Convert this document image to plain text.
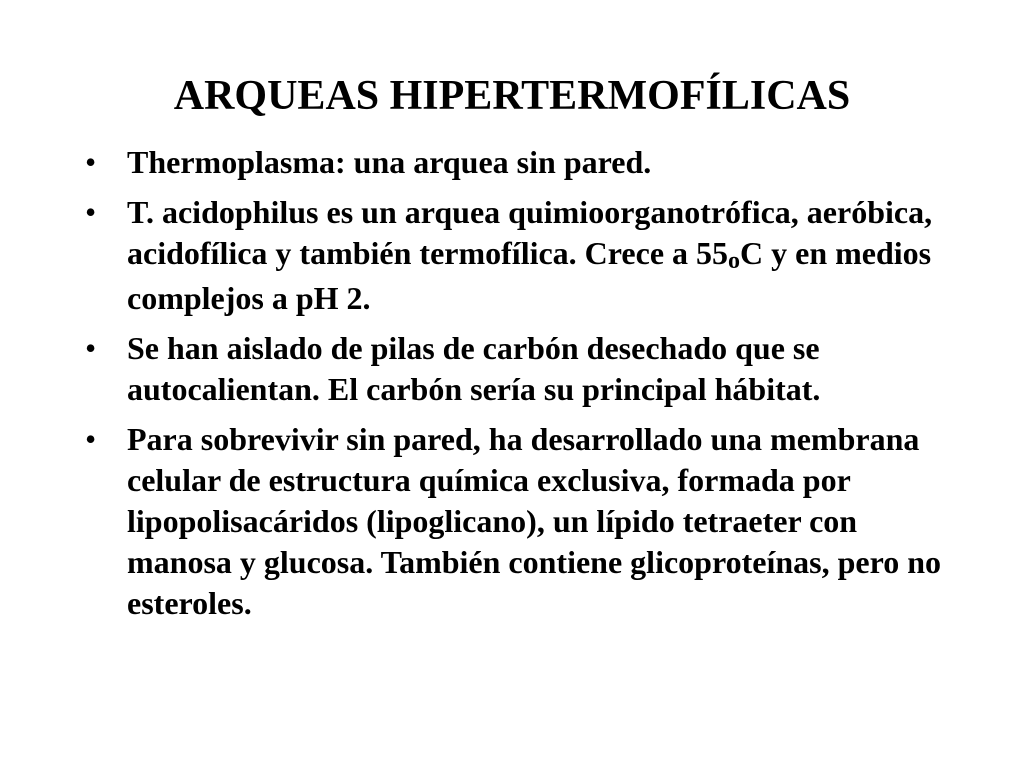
ARQUEAS HIPERTERMOFÍLICAS
• Thermoplasma: una arquea sin pared.
• T. acidophilus es un arquea quimioorganotrófica, aeróbica, acidofílica y también termofílica. Crece a 55oC y en medios complejos a pH 2.
• Se han aislado de pilas de carbón desechado que se autocalientan. El carbón sería su principal hábitat.
• Para sobrevivir sin pared, ha desarrollado una membrana celular de estructura química exclusiva, formada por lipopolisacáridos (lipoglicano), un lípido tetraeter con manosa y glucosa. También contiene glicoproteínas, pero no esteroles.
